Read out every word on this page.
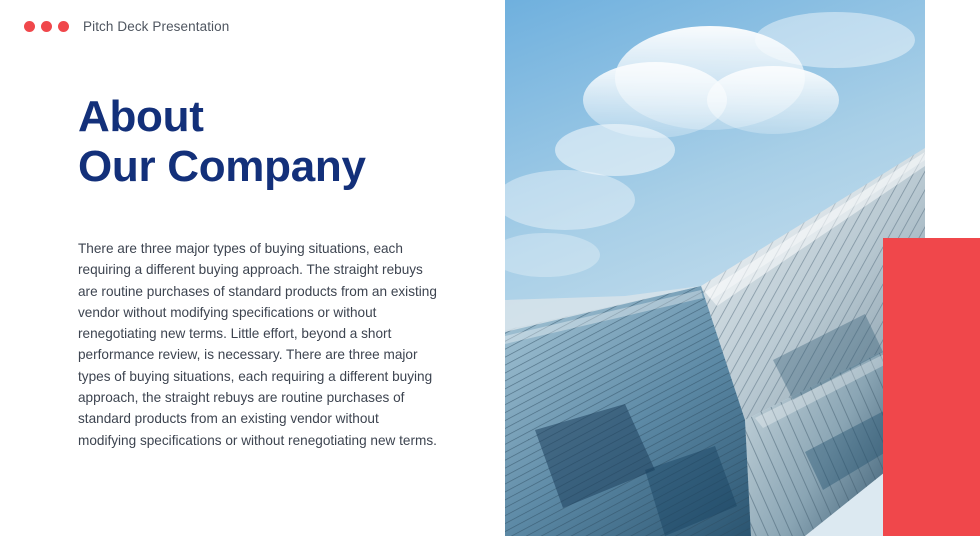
Pitch Deck Presentation
About
Our Company

There are three major types of buying situations, each requiring a different buying approach. The straight rebuys are routine purchases of standard products from an existing vendor without modifying specifications or without renegotiating new terms. Little effort, beyond a short performance review, is necessary. There are three major types of buying situations, each requiring a different buying approach, the straight rebuys are routine purchases of standard products from an existing vendor without modifying specifications or without renegotiating new terms.
